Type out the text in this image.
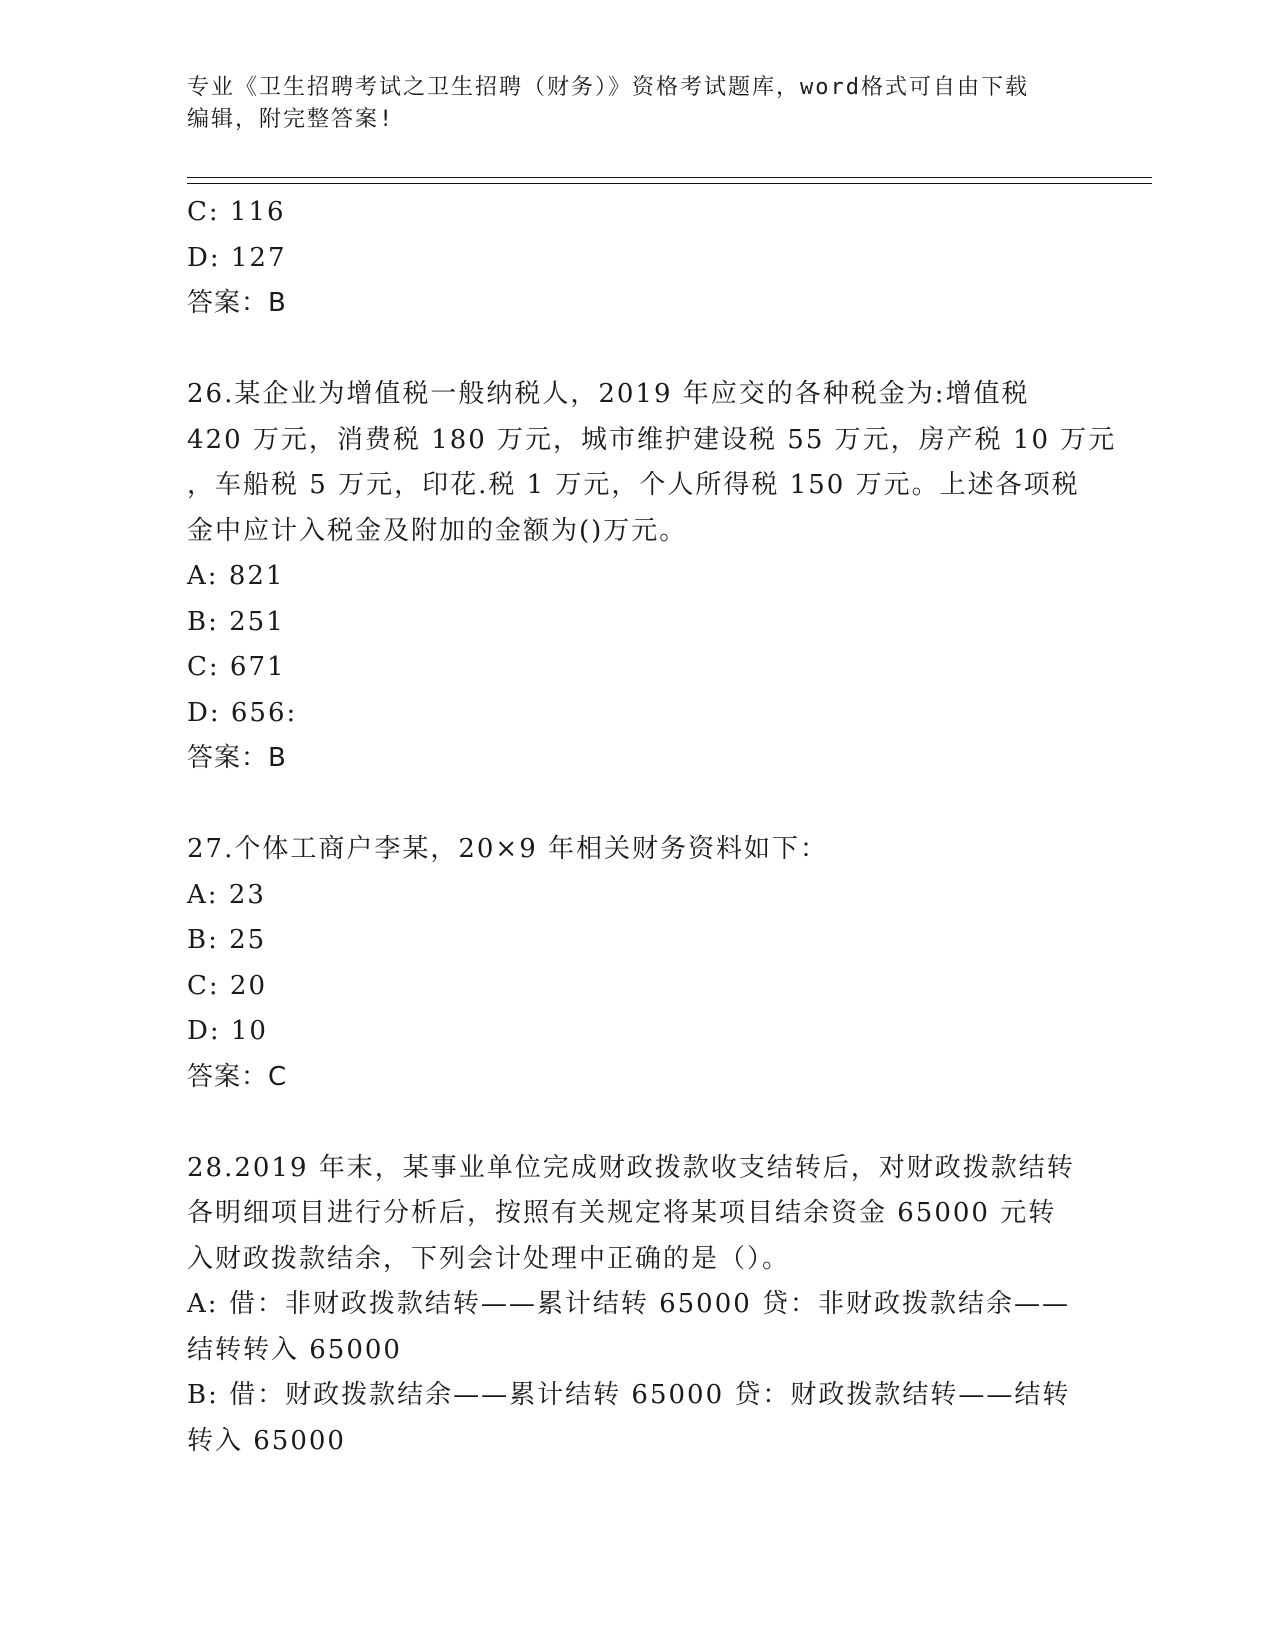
专业《卫生招聘考试之卫生招聘（财务）》资格考试题库，word格式可自由下载
编辑，附完整答案!
C: 116
D: 127
答案：B
26.某企业为增值税一般纳税人，2019 年应交的各种税金为:增值税
420 万元，消费税 180 万元，城市维护建设税 55 万元，房产税 10 万元
，车船税 5 万元，印花.税 1 万元，个人所得税 150 万元。上述各项税
金中应计入税金及附加的金额为()万元。
A: 821
B: 251
C: 671
D: 656:
答案：B
27.个体工商户李某，20×9 年相关财务资料如下：
A: 23
B: 25
C: 20
D: 10
答案：C
28.2019 年末，某事业单位完成财政拨款收支结转后，对财政拨款结转
各明细项目进行分析后，按照有关规定将某项目结余资金 65000 元转
入财政拨款结余，下列会计处理中正确的是（）。
A: 借：非财政拨款结转——累计结转 65000 贷：非财政拨款结余——
结转转入 65000
B: 借：财政拨款结余——累计结转 65000 贷：财政拨款结转——结转
转入 65000
